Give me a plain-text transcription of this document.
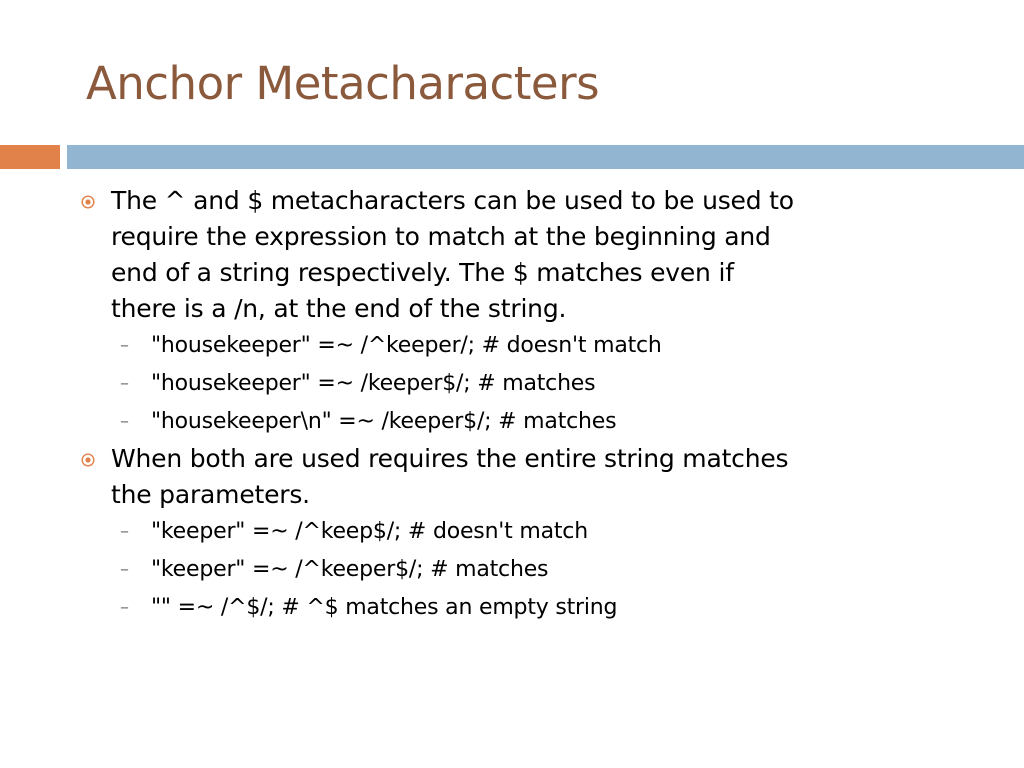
Anchor Metacharacters
The ^ and $ metacharacters can be used to be used to
require the expression to match at the beginning and
end of a string respectively. The $ matches even if
there is a /n, at the end of the string.
– "housekeeper" =~ /^keeper/; # doesn't match
– "housekeeper" =~ /keeper$/; # matches
– "housekeeper\n" =~ /keeper$/; # matches
When both are used requires the entire string matches
the parameters.
– "keeper" =~ /^keep$/; # doesn't match
– "keeper" =~ /^keeper$/; # matches
– "" =~ /^$/; # ^$ matches an empty string
